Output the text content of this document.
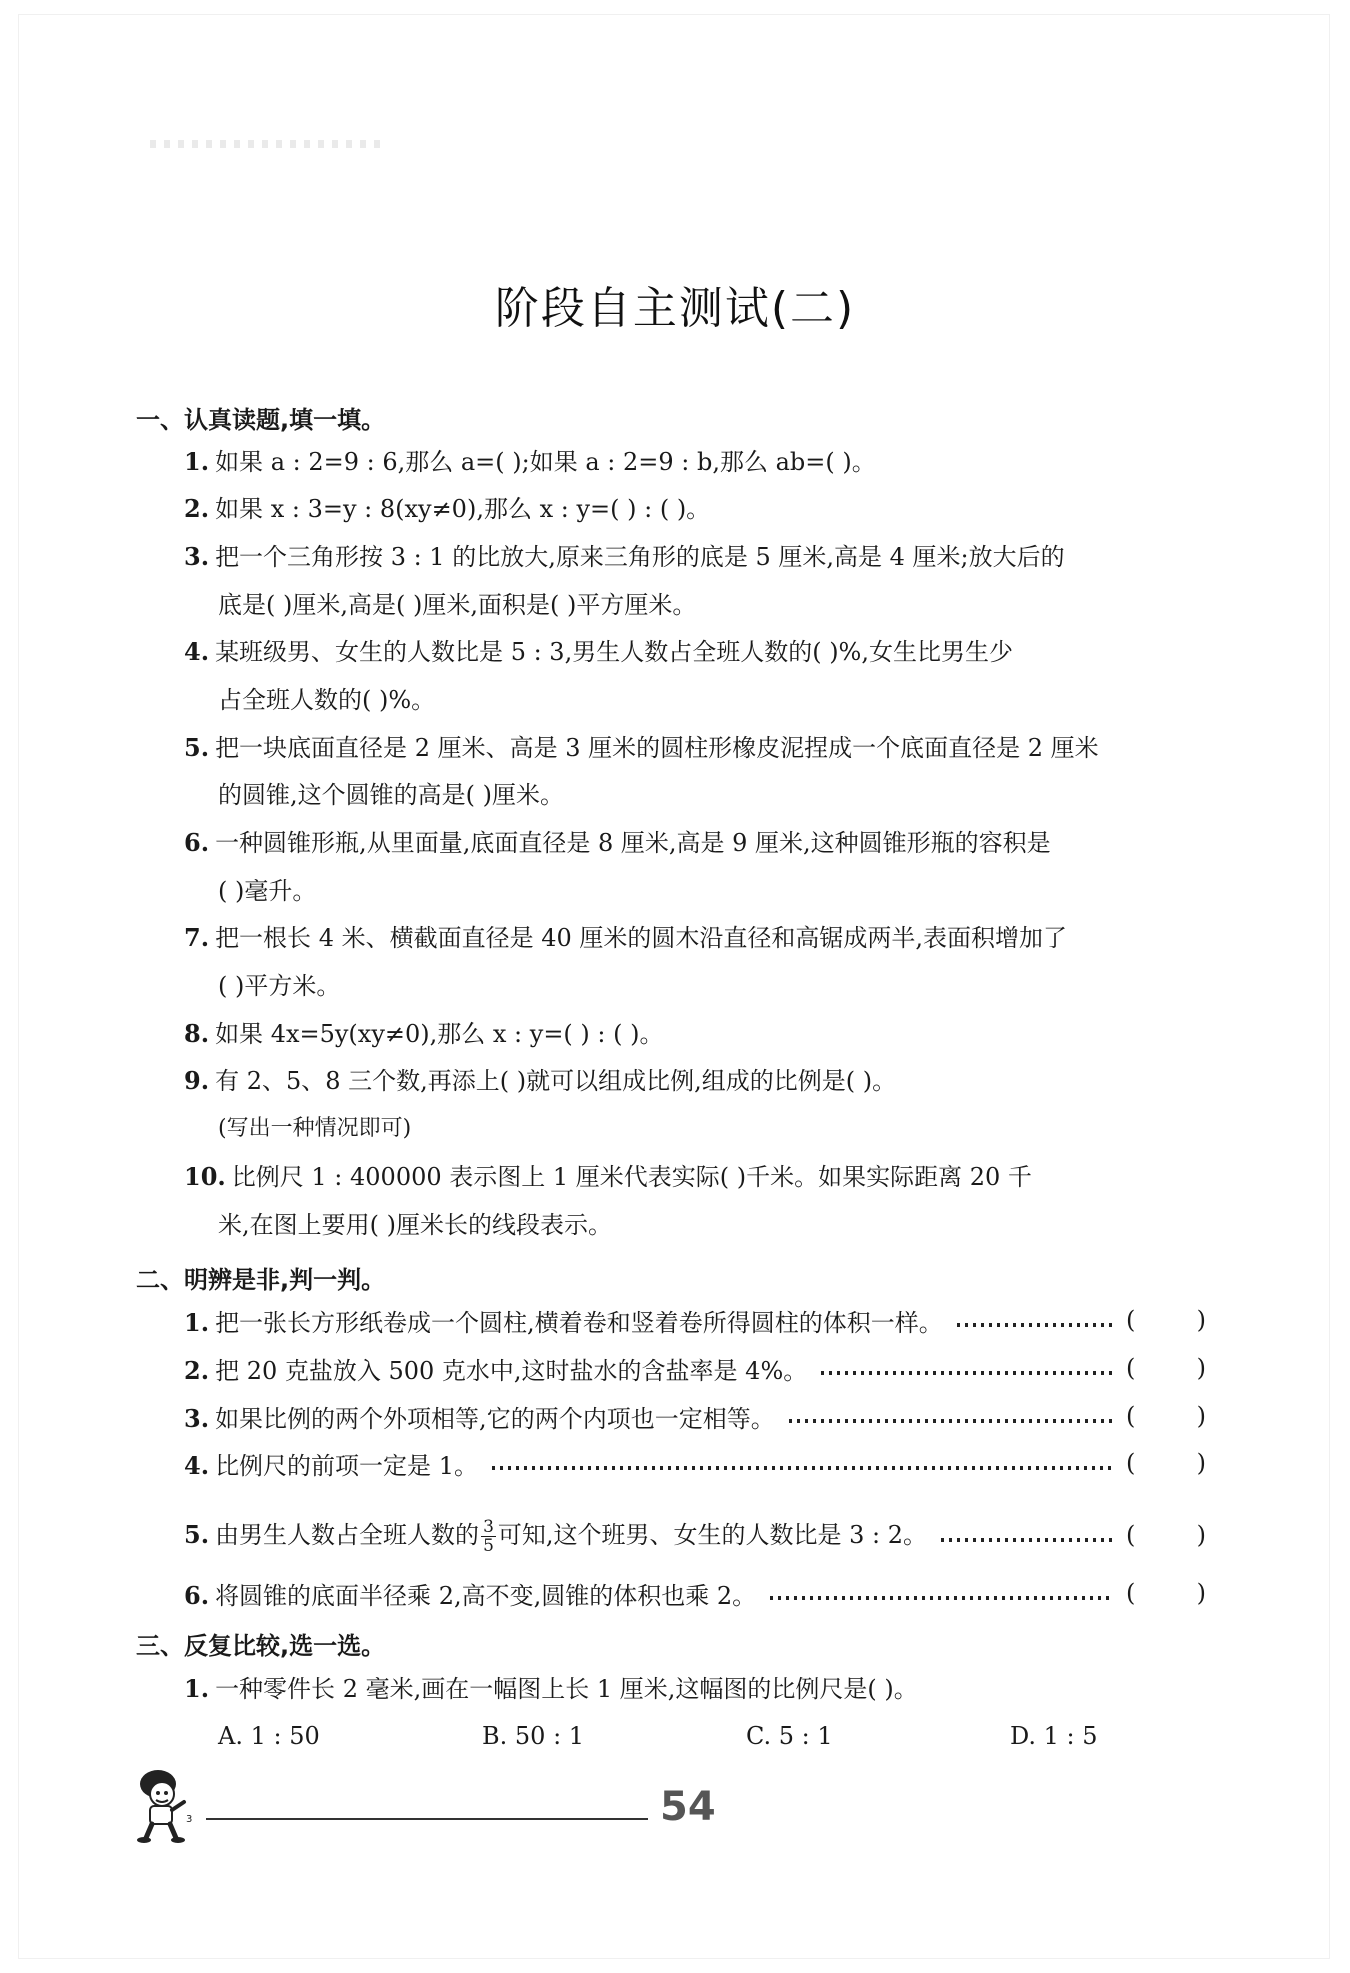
阶段自主测试(二)
一、认真读题,填一填。
1. 如果 a : 2=9 : 6,那么 a=( );如果 a : 2=9 : b,那么 ab=( )。
2. 如果 x : 3=y : 8(xy≠0),那么 x : y=( ) : ( )。
3. 把一个三角形按 3 : 1 的比放大,原来三角形的底是 5 厘米,高是 4 厘米;放大后的
底是( )厘米,高是( )厘米,面积是( )平方厘米。
4. 某班级男、女生的人数比是 5 : 3,男生人数占全班人数的( )%,女生比男生少
占全班人数的( )%。
5. 把一块底面直径是 2 厘米、高是 3 厘米的圆柱形橡皮泥捏成一个底面直径是 2 厘米
的圆锥,这个圆锥的高是( )厘米。
6. 一种圆锥形瓶,从里面量,底面直径是 8 厘米,高是 9 厘米,这种圆锥形瓶的容积是
( )毫升。
7. 把一根长 4 米、横截面直径是 40 厘米的圆木沿直径和高锯成两半,表面积增加了
( )平方米。
8. 如果 4x=5y(xy≠0),那么 x : y=( ) : ( )。
9. 有 2、5、8 三个数,再添上( )就可以组成比例,组成的比例是( )。
(写出一种情况即可)
10. 比例尺 1 : 400000 表示图上 1 厘米代表实际( )千米。如果实际距离 20 千
米,在图上要用( )厘米长的线段表示。
二、明辨是非,判一判。
1. 把一张长方形纸卷成一个圆柱,横着卷和竖着卷所得圆柱的体积一样。	(	)
2. 把 20 克盐放入 500 克水中,这时盐水的含盐率是 4%。	(	)
3. 如果比例的两个外项相等,它的两个内项也一定相等。	(	)
4. 比例尺的前项一定是 1。	(	)
5. 由男生人数占全班人数的 $\frac{3}{5}$ 可知,这个班男、女生的人数比是 3 : 2。	(	)
6. 将圆锥的底面半径乘 2,高不变,圆锥的体积也乘 2。	(	)
三、反复比较,选一选。
1. 一种零件长 2 毫米,画在一幅图上长 1 厘米,这幅图的比例尺是( )。
A. 1 : 50	B. 50 : 1	C. 5 : 1	D. 1 : 5
3	54
